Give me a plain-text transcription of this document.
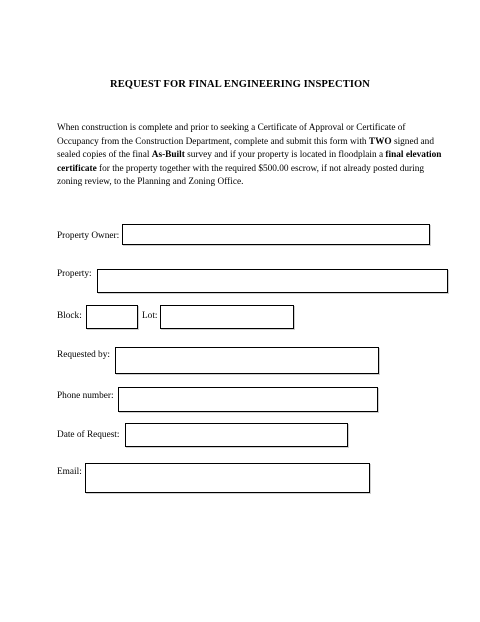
REQUEST FOR FINAL ENGINEERING INSPECTION
When construction is complete and prior to seeking a Certificate of Approval or Certificate of Occupancy from the Construction Department, complete and submit this form with TWO signed and sealed copies of the final As-Built survey and if your property is located in floodplain a final elevation certificate for the property together with the required $500.00 escrow, if not already posted during zoning review, to the Planning and Zoning Office.
Property Owner:
Property:
Block:	Lot:
Requested by:
Phone number:
Date of Request:
Email:
